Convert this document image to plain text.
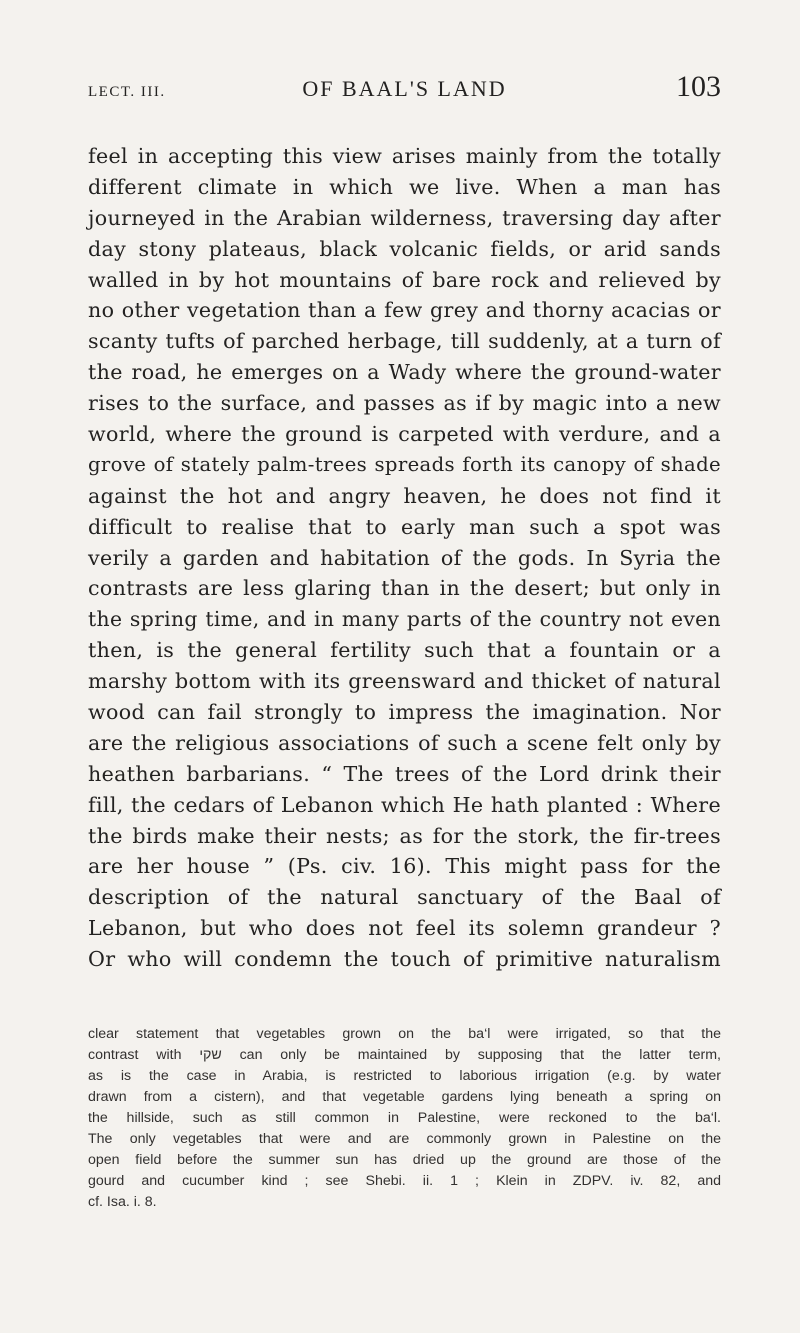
LECT. III.	OF BAAL'S LAND	103
feel in accepting this view arises mainly from the totally
different climate in which we live. When a man has
journeyed in the Arabian wilderness, traversing day after
day stony plateaus, black volcanic fields, or arid sands
walled in by hot mountains of bare rock and relieved by
no other vegetation than a few grey and thorny acacias or
scanty tufts of parched herbage, till suddenly, at a turn of
the road, he emerges on a Wady where the ground-water
rises to the surface, and passes as if by magic into a new
world, where the ground is carpeted with verdure, and a
grove of stately palm-trees spreads forth its canopy of shade
against the hot and angry heaven, he does not find it
difficult to realise that to early man such a spot was
verily a garden and habitation of the gods. In Syria the
contrasts are less glaring than in the desert; but only in
the spring time, and in many parts of the country not even
then, is the general fertility such that a fountain or a
marshy bottom with its greensward and thicket of natural
wood can fail strongly to impress the imagination. Nor
are the religious associations of such a scene felt only by
heathen barbarians. “ The trees of the Lord drink their
fill, the cedars of Lebanon which He hath planted : Where
the birds make their nests; as for the stork, the fir-trees
are her house ” (Ps. civ. 16). This might pass for the
description of the natural sanctuary of the Baal of
Lebanon, but who does not feel its solemn grandeur ?
Or who will condemn the touch of primitive naturalism
clear statement that vegetables grown on the ba‘l were irrigated, so that the
contrast with שקי can only be maintained by supposing that the latter term,
as is the case in Arabia, is restricted to laborious irrigation (e.g. by water
drawn from a cistern), and that vegetable gardens lying beneath a spring on
the hillside, such as still common in Palestine, were reckoned to the ba‘l.
The only vegetables that were and are commonly grown in Palestine on the
open field before the summer sun has dried up the ground are those of the
gourd and cucumber kind ; see Shebi. ii. 1 ; Klein in ZDPV. iv. 82, and
cf. Isa. i. 8.
